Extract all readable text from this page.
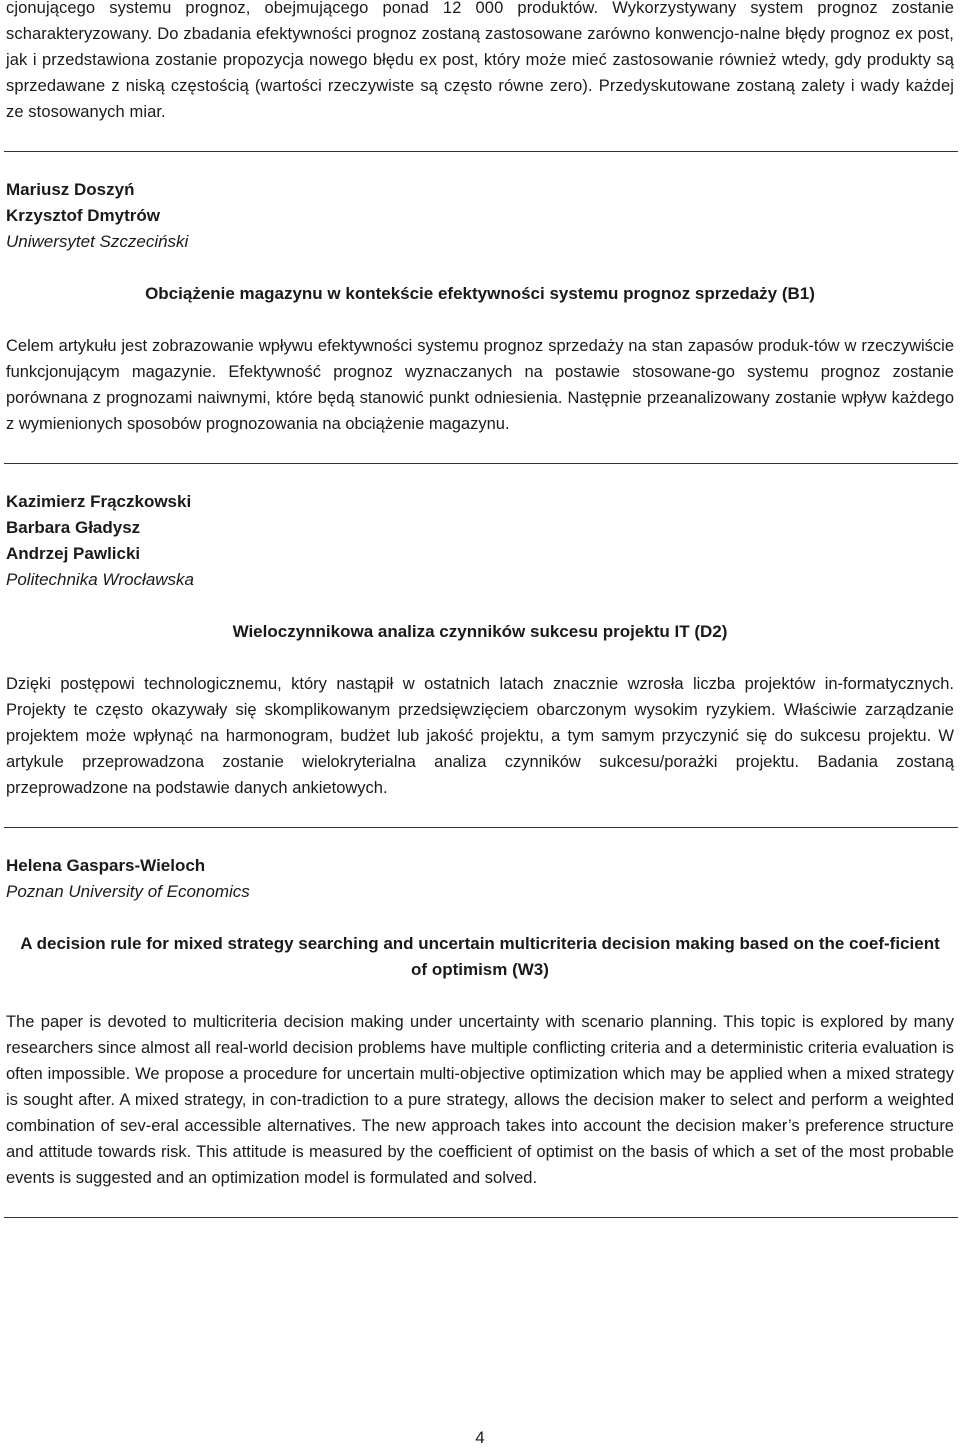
cjonującego systemu prognoz, obejmującego ponad 12 000 produktów. Wykorzystywany system prognoz zostanie scharakteryzowany. Do zbadania efektywności prognoz zostaną zastosowane zarówno konwencjo-nalne błędy prognoz ex post, jak i przedstawiona zostanie propozycja nowego błędu ex post, który może mieć zastosowanie również wtedy, gdy produkty są sprzedawane z niską częstością (wartości rzeczywiste są często równe zero). Przedyskutowane zostaną zalety i wady każdej ze stosowanych miar.

Mariusz Doszyń

Krzysztof Dmytrów

Uniwersytet Szczeciński

Obciążenie magazynu w kontekście efektywności systemu prognoz sprzedaży (B1)

Celem artykułu jest zobrazowanie wpływu efektywności systemu prognoz sprzedaży na stan zapasów produk-tów w rzeczywiście funkcjonującym magazynie. Efektywność prognoz wyznaczanych na postawie stosowane-go systemu prognoz zostanie porównana z prognozami naiwnymi, które będą stanowić punkt odniesienia. Następnie przeanalizowany zostanie wpływ każdego z wymienionych sposobów prognozowania na obciążenie magazynu.

Kazimierz Frączkowski

Barbara Gładysz

Andrzej Pawlicki

Politechnika Wrocławska

Wieloczynnikowa analiza czynników sukcesu projektu IT (D2)

Dzięki postępowi technologicznemu, który nastąpił w ostatnich latach znacznie wzrosła liczba projektów in-formatycznych. Projekty te często okazywały się skomplikowanym przedsięwzięciem obarczonym wysokim ryzykiem. Właściwie zarządzanie projektem może wpłynąć na harmonogram, budżet lub jakość projektu, a tym samym przyczynić się do sukcesu projektu. W artykule przeprowadzona zostanie wielokryterialna analiza czynników sukcesu/porażki projektu. Badania zostaną przeprowadzone na podstawie danych ankietowych.

Helena Gaspars-Wieloch

Poznan University of Economics

A decision rule for mixed strategy searching and uncertain multicriteria decision making based on the coef-ficient of optimism (W3)

The paper is devoted to multicriteria decision making under uncertainty with scenario planning. This topic is explored by many researchers since almost all real-world decision problems have multiple conflicting criteria and a deterministic criteria evaluation is often impossible. We propose a procedure for uncertain multi-objective optimization which may be applied when a mixed strategy is sought after. A mixed strategy, in con-tradiction to a pure strategy, allows the decision maker to select and perform a weighted combination of sev-eral accessible alternatives. The new approach takes into account the decision maker’s preference structure and attitude towards risk. This attitude is measured by the coefficient of optimist on the basis of which a set of the most probable events is suggested and an optimization model is formulated and solved.

4
